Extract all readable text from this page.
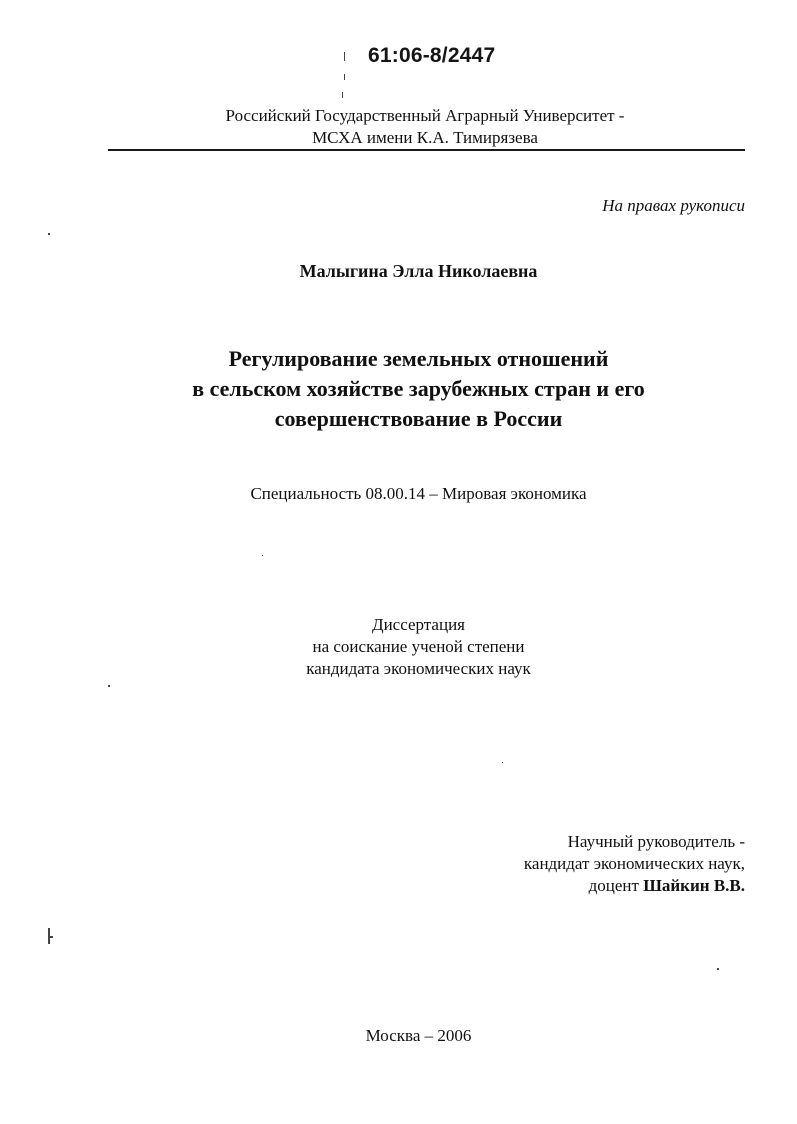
61:06-8/2447
Российский Государственный Аграрный Университет -
МСХА имени К.А. Тимирязева
На правах рукописи
Малыгина Элла Николаевна
Регулирование земельных отношений
в сельском хозяйстве зарубежных стран и его
совершенствование в России
Специальность 08.00.14 – Мировая экономика
Диссертация
на соискание ученой степени
кандидата экономических наук
Научный руководитель -
кандидат экономических наук,
доцент Шайкин В.В.
Москва – 2006
